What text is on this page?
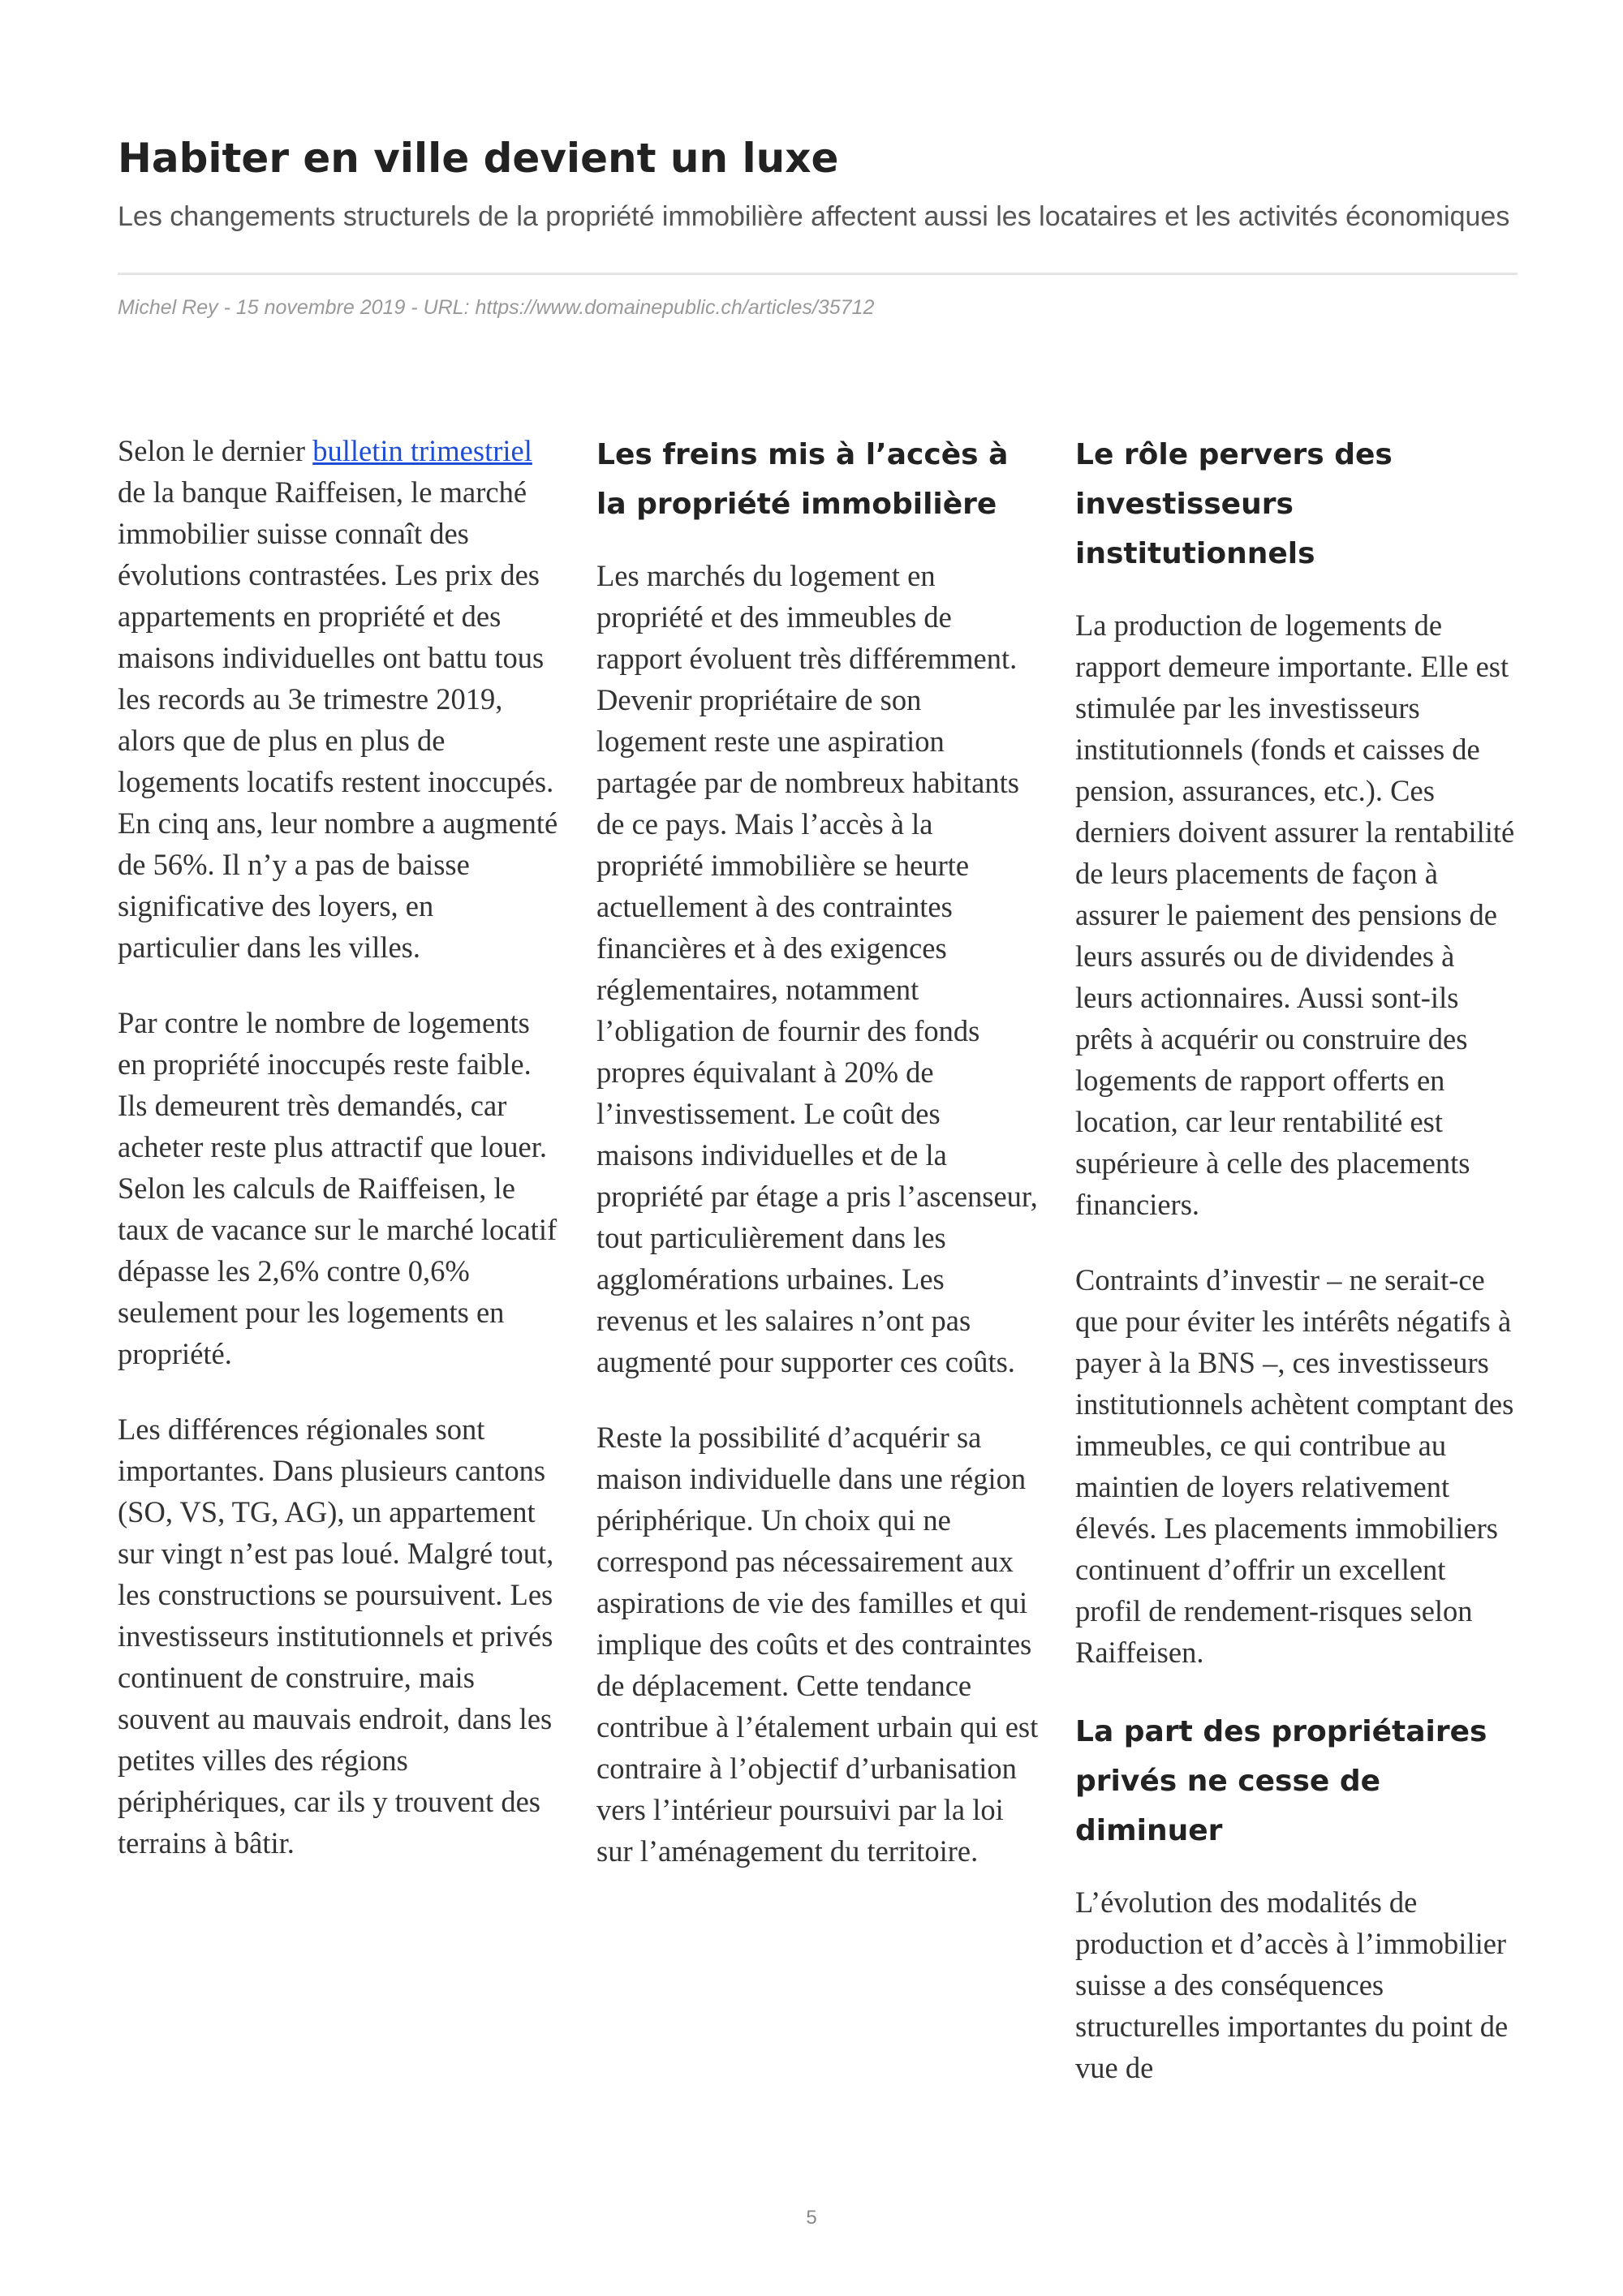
Habiter en ville devient un luxe

Les changements structurels de la propriété immobilière affectent aussi les locataires et les activités économiques

Michel Rey - 15 novembre 2019 - URL: https://www.domainepublic.ch/articles/35712

Selon le dernier bulletin trimestriel de la banque Raiffeisen, le marché immobilier suisse connaît des évolutions contrastées. Les prix des appartements en propriété et des maisons individuelles ont battu tous les records au 3e trimestre 2019, alors que de plus en plus de logements locatifs restent inoccupés. En cinq ans, leur nombre a augmenté de 56%. Il n’y a pas de baisse significative des loyers, en particulier dans les villes.

Par contre le nombre de logements en propriété inoccupés reste faible. Ils demeurent très demandés, car acheter reste plus attractif que louer. Selon les calculs de Raiffeisen, le taux de vacance sur le marché locatif dépasse les 2,6% contre 0,6% seulement pour les logements en propriété.

Les différences régionales sont importantes. Dans plusieurs cantons (SO, VS, TG, AG), un appartement sur vingt n’est pas loué. Malgré tout, les constructions se poursuivent. Les investisseurs institutionnels et privés continuent de construire, mais souvent au mauvais endroit, dans les petites villes des régions périphériques, car ils y trouvent des terrains à bâtir.

Les freins mis à l’accès à la propriété immobilière

Les marchés du logement en propriété et des immeubles de rapport évoluent très différemment. Devenir propriétaire de son logement reste une aspiration partagée par de nombreux habitants de ce pays. Mais l’accès à la propriété immobilière se heurte actuellement à des contraintes financières et à des exigences réglementaires, notamment l’obligation de fournir des fonds propres équivalant à 20% de l’investissement. Le coût des maisons individuelles et de la propriété par étage a pris l’ascenseur, tout particulièrement dans les agglomérations urbaines. Les revenus et les salaires n’ont pas augmenté pour supporter ces coûts.

Reste la possibilité d’acquérir sa maison individuelle dans une région périphérique. Un choix qui ne correspond pas nécessairement aux aspirations de vie des familles et qui implique des coûts et des contraintes de déplacement. Cette tendance contribue à l’étalement urbain qui est contraire à l’objectif d’urbanisation vers l’intérieur poursuivi par la loi sur l’aménagement du territoire.

Le rôle pervers des investisseurs institutionnels

La production de logements de rapport demeure importante. Elle est stimulée par les investisseurs institutionnels (fonds et caisses de pension, assurances, etc.). Ces derniers doivent assurer la rentabilité de leurs placements de façon à assurer le paiement des pensions de leurs assurés ou de dividendes à leurs actionnaires. Aussi sont-ils prêts à acquérir ou construire des logements de rapport offerts en location, car leur rentabilité est supérieure à celle des placements financiers.

Contraints d’investir – ne serait-ce que pour éviter les intérêts négatifs à payer à la BNS –, ces investisseurs institutionnels achètent comptant des immeubles, ce qui contribue au maintien de loyers relativement élevés. Les placements immobiliers continuent d’offrir un excellent profil de rendement-risques selon Raiffeisen.

La part des propriétaires privés ne cesse de diminuer

L’évolution des modalités de production et d’accès à l’immobilier suisse a des conséquences structurelles importantes du point de vue de

5
